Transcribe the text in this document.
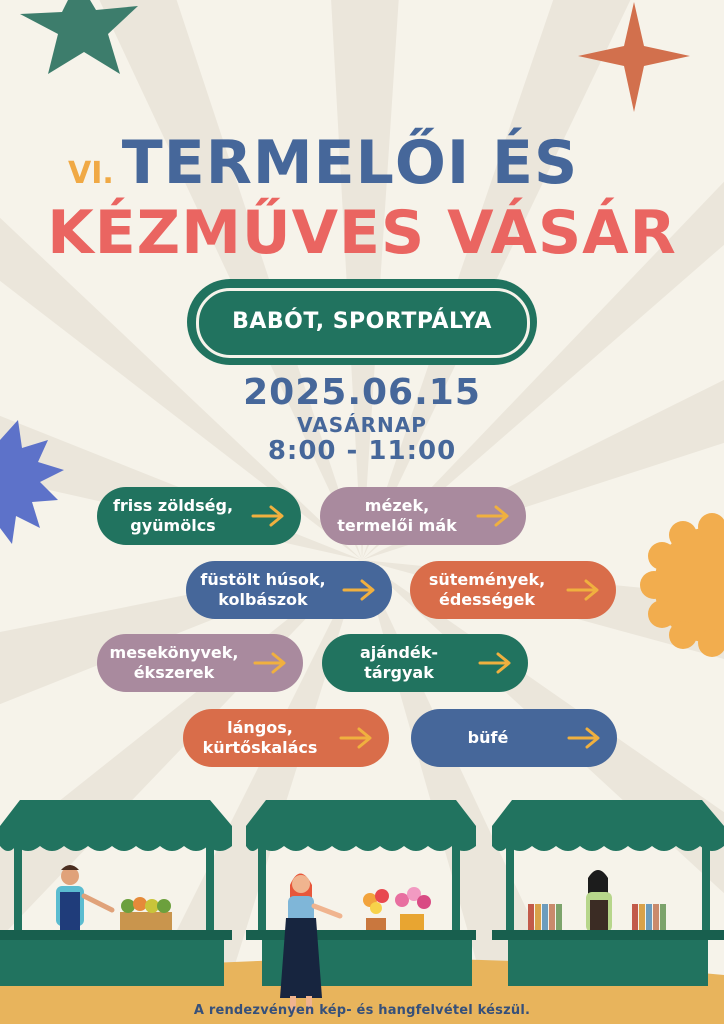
VI. TERMELŐI ÉS
KÉZMŰVES VÁSÁR
BABÓT, SPORTPÁLYA
2025.06.15
VASÁRNAP
8:00 - 11:00
friss zöldség,
gyümölcs
mézek,
termelői mák
füstölt húsok,
kolbászok
sütemények,
édességek
mesekönyvek,
ékszerek
ajándék-
tárgyak
lángos,
kürtőskalács
büfé
A rendezvényen kép- és hangfelvétel készül.
